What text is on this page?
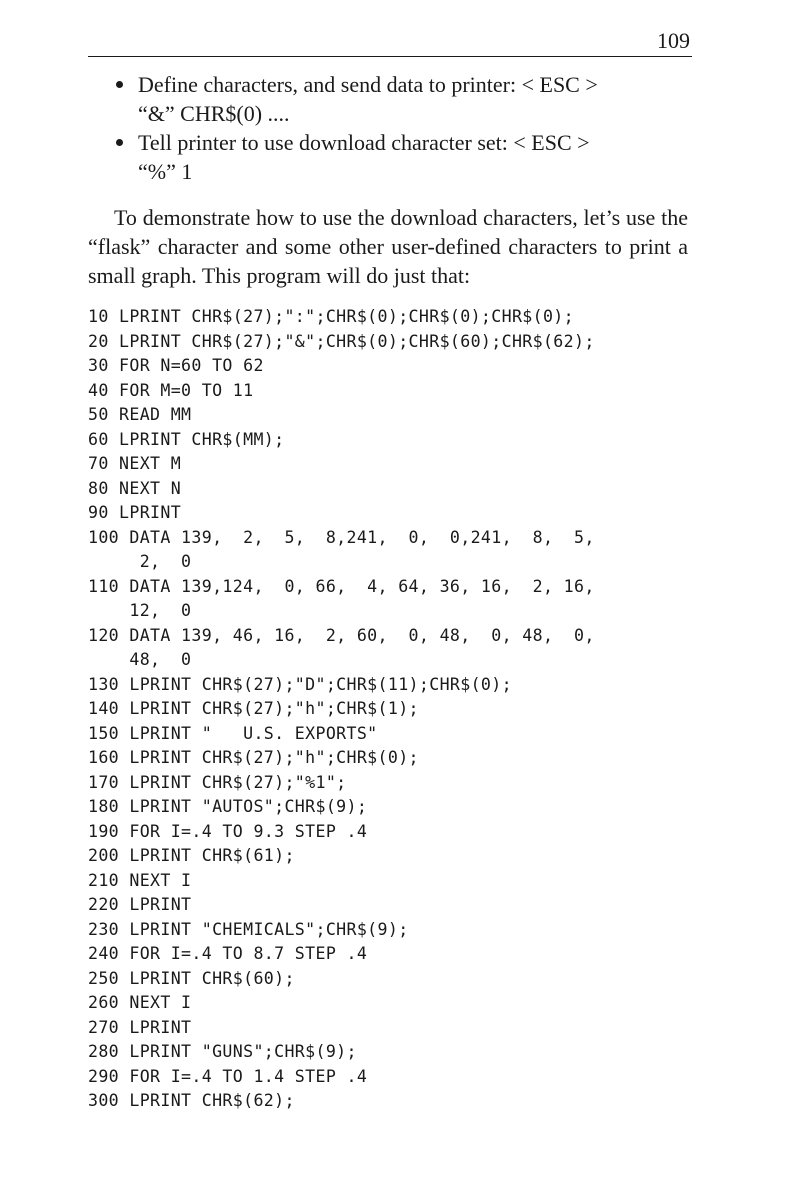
109
Define characters, and send data to printer: < ESC >
“&” CHR$(0) ....
Tell printer to use download character set: < ESC >
“%” 1

To demonstrate how to use the download characters, let’s use the “flask” character and some other user-defined characters to print a small graph. This program will do just that:

10 LPRINT CHR$(27);":";CHR$(0);CHR$(0);CHR$(0);
20 LPRINT CHR$(27);"&";CHR$(0);CHR$(60);CHR$(62);
30 FOR N=60 TO 62
40 FOR M=0 TO 11
50 READ MM
60 LPRINT CHR$(MM);
70 NEXT M
80 NEXT N
90 LPRINT
100 DATA 139,  2,  5,  8,241,  0,  0,241,  8,  5,
2,  0
110 DATA 139,124,  0, 66,  4, 64, 36, 16,  2, 16,
12,  0
120 DATA 139, 46, 16,  2, 60,  0, 48,  0, 48,  0,
48,  0
130 LPRINT CHR$(27);"D";CHR$(11);CHR$(0);
140 LPRINT CHR$(27);"h";CHR$(1);
150 LPRINT "   U.S. EXPORTS"
160 LPRINT CHR$(27);"h";CHR$(0);
170 LPRINT CHR$(27);"%1";
180 LPRINT "AUTOS";CHR$(9);
190 FOR I=.4 TO 9.3 STEP .4
200 LPRINT CHR$(61);
210 NEXT I
220 LPRINT
230 LPRINT "CHEMICALS";CHR$(9);
240 FOR I=.4 TO 8.7 STEP .4
250 LPRINT CHR$(60);
260 NEXT I
270 LPRINT
280 LPRINT "GUNS";CHR$(9);
290 FOR I=.4 TO 1.4 STEP .4
300 LPRINT CHR$(62);
